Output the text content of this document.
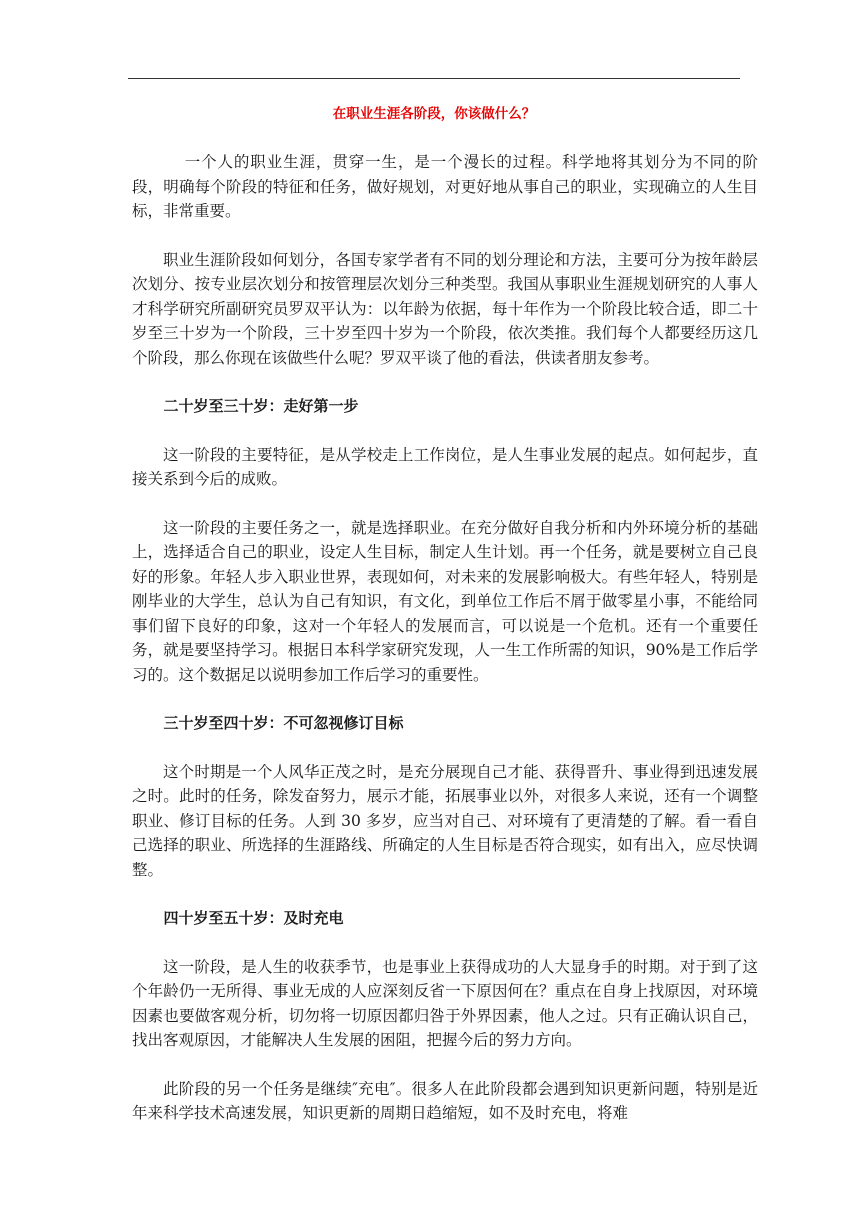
在职业生涯各阶段，你该做什么？

一个人的职业生涯，贯穿一生，是一个漫长的过程。科学地将其划分为不同的阶段，明确每个阶段的特征和任务，做好规划，对更好地从事自己的职业，实现确立的人生目标，非常重要。

职业生涯阶段如何划分，各国专家学者有不同的划分理论和方法，主要可分为按年龄层次划分、按专业层次划分和按管理层次划分三种类型。我国从事职业生涯规划研究的人事人才科学研究所副研究员罗双平认为：以年龄为依据，每十年作为一个阶段比较合适，即二十岁至三十岁为一个阶段，三十岁至四十岁为一个阶段，依次类推。我们每个人都要经历这几个阶段，那么你现在该做些什么呢？罗双平谈了他的看法，供读者朋友参考。

二十岁至三十岁：走好第一步

这一阶段的主要特征，是从学校走上工作岗位，是人生事业发展的起点。如何起步，直接关系到今后的成败。

这一阶段的主要任务之一，就是选择职业。在充分做好自我分析和内外环境分析的基础上，选择适合自己的职业，设定人生目标，制定人生计划。再一个任务，就是要树立自己良好的形象。年轻人步入职业世界，表现如何，对未来的发展影响极大。有些年轻人，特别是刚毕业的大学生，总认为自己有知识，有文化，到单位工作后不屑于做零星小事，不能给同事们留下良好的印象，这对一个年轻人的发展而言，可以说是一个危机。还有一个重要任务，就是要坚持学习。根据日本科学家研究发现，人一生工作所需的知识，90%是工作后学习的。这个数据足以说明参加工作后学习的重要性。

三十岁至四十岁：不可忽视修订目标

这个时期是一个人风华正茂之时，是充分展现自己才能、获得晋升、事业得到迅速发展之时。此时的任务，除发奋努力，展示才能，拓展事业以外，对很多人来说，还有一个调整职业、修订目标的任务。人到 30 多岁，应当对自己、对环境有了更清楚的了解。看一看自己选择的职业、所选择的生涯路线、所确定的人生目标是否符合现实，如有出入，应尽快调整。

四十岁至五十岁：及时充电

这一阶段，是人生的收获季节，也是事业上获得成功的人大显身手的时期。对于到了这个年龄仍一无所得、事业无成的人应深刻反省一下原因何在？重点在自身上找原因，对环境因素也要做客观分析，切勿将一切原因都归咎于外界因素，他人之过。只有正确认识自己，找出客观原因，才能解决人生发展的困阻，把握今后的努力方向。

此阶段的另一个任务是继续″充电″。很多人在此阶段都会遇到知识更新问题，特别是近年来科学技术高速发展，知识更新的周期日趋缩短，如不及时充电，将难
